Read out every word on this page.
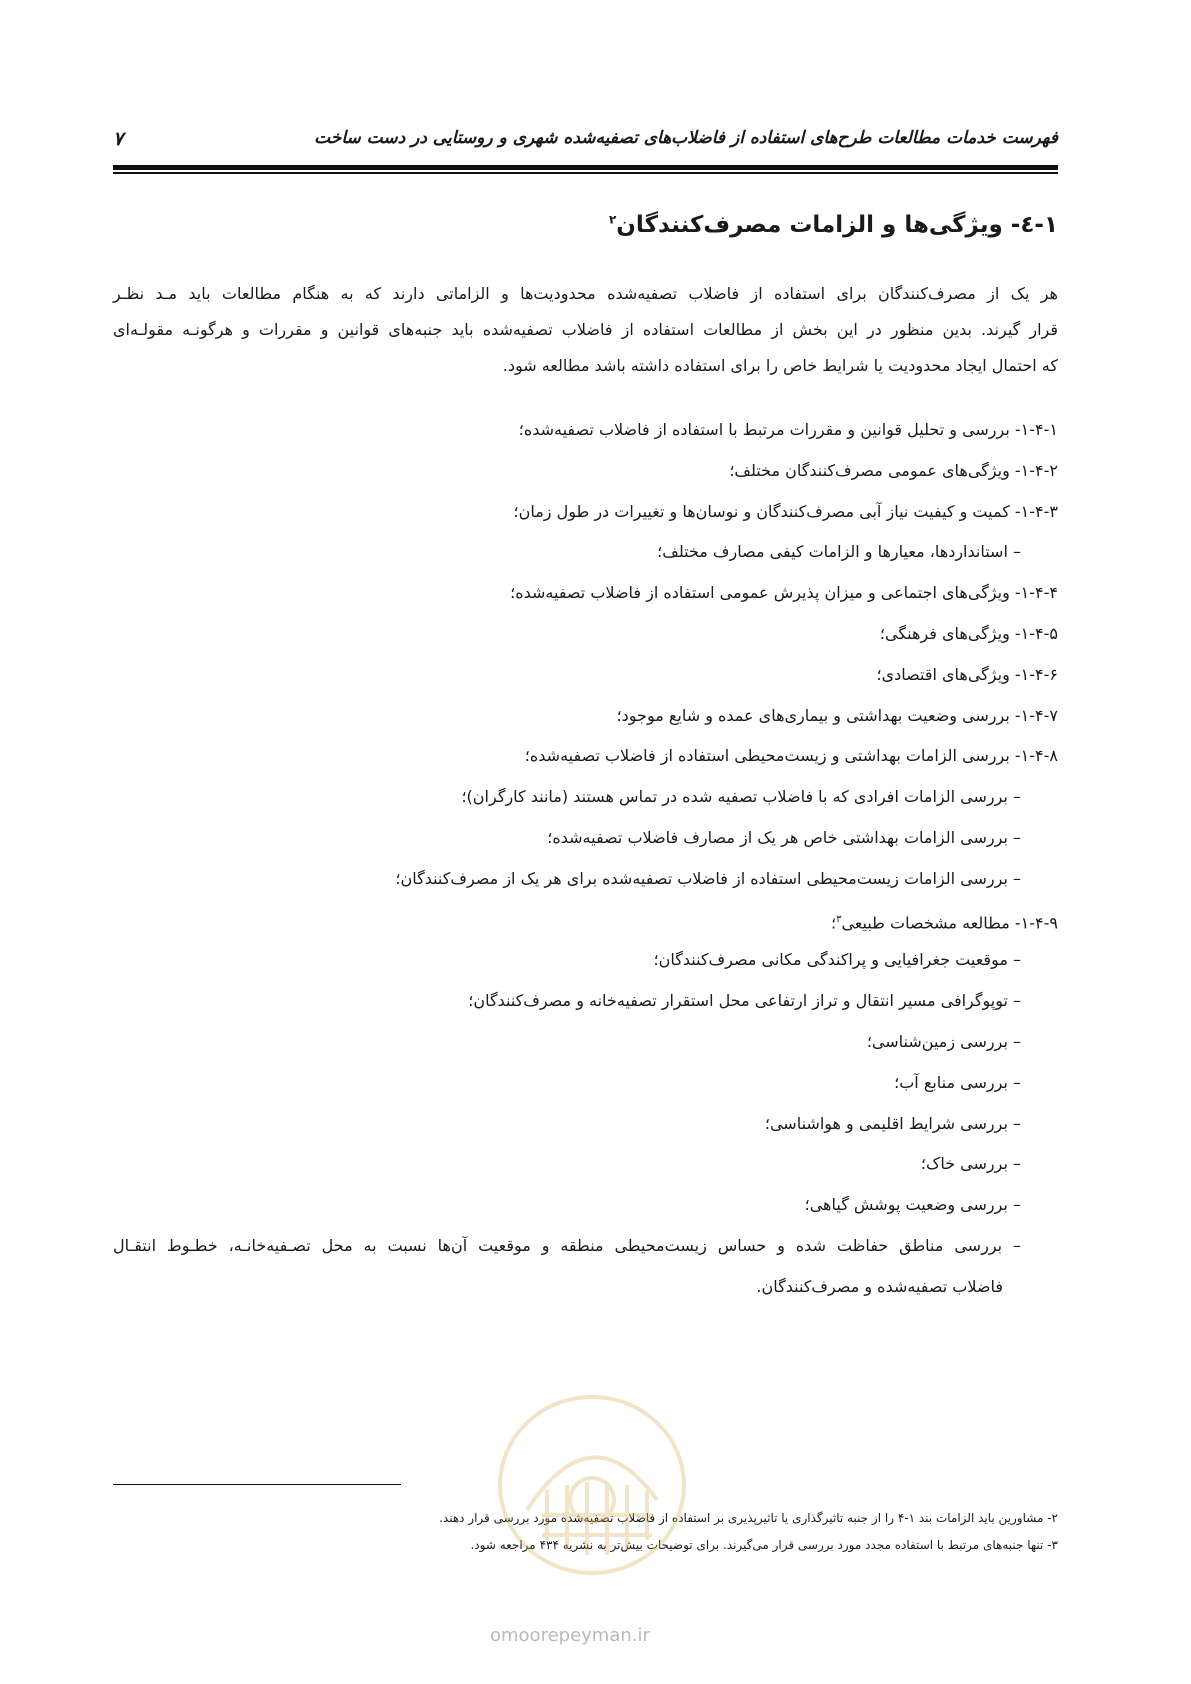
فهرست خدمات مطالعات طرح‌های استفاده از فاضلاب‌های تصفیه‌شده شهری و روستایی در دست ساخت
۷
۱-٤- ویژگی‌ها و الزامات مصرف‌کنندگان$^۲$

هر یک از مصرف‌کنندگان برای استفاده از فاضلاب تصفیه‌شده محدودیت‌ها و الزاماتی دارند که به هنگام مطالعات باید مـد نظـر
قرار گیرند. بدین منظور در این بخش از مطالعات استفاده از فاضلاب تصفیه‌شده باید جنبه‌های قوانین و مقررات و هرگونـه مقولـه‌ای
که احتمال ایجاد محدودیت یا شرایط خاص را برای استفاده داشته باشد مطالعه شود.

۱-۴-۱- بررسی و تحلیل قوانین و مقررات مرتبط با استفاده از فاضلاب تصفیه‌شده؛
۱-۴-۲- ویژگی‌های عمومی مصرف‌کنندگان مختلف؛
۱-۴-۳- کمیت و کیفیت نیاز آبی مصرف‌کنندگان و نوسان‌ها و تغییرات در طول زمان؛
– استانداردها، معیارها و الزامات کیفی مصارف مختلف؛
۱-۴-۴- ویژگی‌های اجتماعی و میزان پذیرش عمومی استفاده از فاضلاب تصفیه‌شده؛
۱-۴-۵- ویژگی‌های فرهنگی؛
۱-۴-۶- ویژگی‌های اقتصادی؛
۱-۴-۷- بررسی وضعیت بهداشتی و بیماری‌های عمده و شایع موجود؛
۱-۴-۸- بررسی الزامات بهداشتی و زیست‌محیطی استفاده از فاضلاب تصفیه‌شده؛
– بررسی الزامات افرادی که با فاضلاب تصفیه شده در تماس هستند (مانند کارگران)؛
– بررسی الزامات بهداشتی خاص هر یک از مصارف فاضلاب تصفیه‌شده؛
– بررسی الزامات زیست‌محیطی استفاده از فاضلاب تصفیه‌شده برای هر یک از مصرف‌کنندگان؛
۱-۴-۹- مطالعه مشخصات طبیعی$^۳$؛
– موقعیت جغرافیایی و پراکندگی مکانی مصرف‌کنندگان؛
– توپوگرافی مسیر انتقال و تراز ارتفاعی محل استقرار تصفیه‌خانه و مصرف‌کنندگان؛
– بررسی زمین‌شناسی؛
– بررسی منابع آب؛
– بررسی شرایط اقلیمی و هواشناسی؛
– بررسی خاک؛
– بررسی وضعیت پوشش گیاهی؛
– بررسی مناطق حفاظت شده و حساس زیست‌محیطی منطقه و موقعیت آن‌ها نسبت به محل تصـفیه‌خانـه، خطـوط انتقـال
فاضلاب تصفیه‌شده و مصرف‌کنندگان.
۲- مشاورین باید الزامات بند ۱-۴ را از جنبه تاثیرگذاری یا تاثیرپذیری بر استفاده از فاضلاب تصفیه‌شده مورد بررسی قرار دهند.
۳- تنها جنبه‌های مرتبط با استفاده مجدد مورد بررسی قرار می‌گیرند. برای توضیحات بیش‌تر به نشریه ۴۳۴ مراجعه شود.
omoorepeyman.ir
